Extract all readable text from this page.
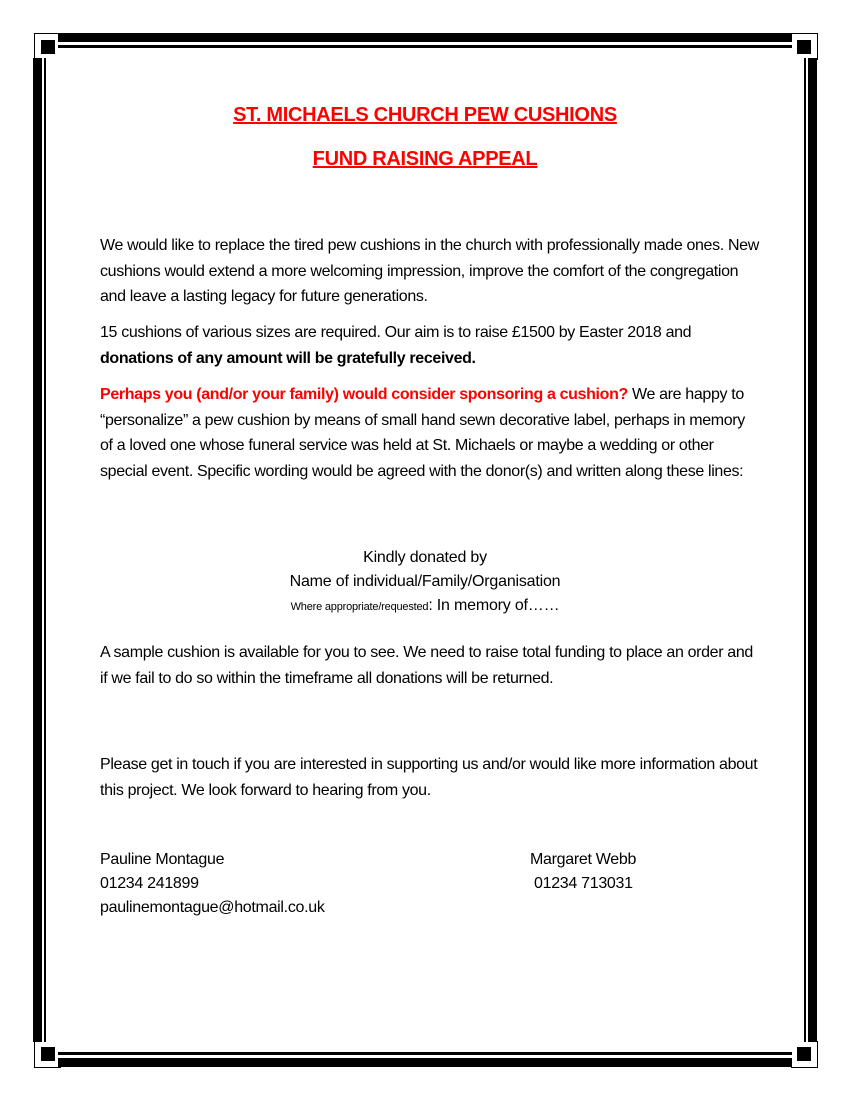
ST. MICHAELS CHURCH PEW CUSHIONS
FUND RAISING APPEAL

We would like to replace the tired pew cushions in the church with professionally made ones. New cushions would extend a more welcoming impression, improve the comfort of the congregation and leave a lasting legacy for future generations.

15 cushions of various sizes are required. Our aim is to raise £1500 by Easter 2018 and donations of any amount will be gratefully received.

Perhaps you (and/or your family) would consider sponsoring a cushion? We are happy to “personalize” a pew cushion by means of small hand sewn decorative label, perhaps in memory of a loved one whose funeral service was held at St. Michaels or maybe a wedding or other special event. Specific wording would be agreed with the donor(s) and written along these lines:

Kindly donated by
Name of individual/Family/Organisation
Where appropriate/requested: In memory of……

A sample cushion is available for you to see. We need to raise total funding to place an order and if we fail to do so within the timeframe all donations will be returned.

Please get in touch if you are interested in supporting us and/or would like more information about this project. We look forward to hearing from you.

Pauline Montague
01234 241899
paulinemontague@hotmail.co.uk
Margaret Webb
01234 713031
